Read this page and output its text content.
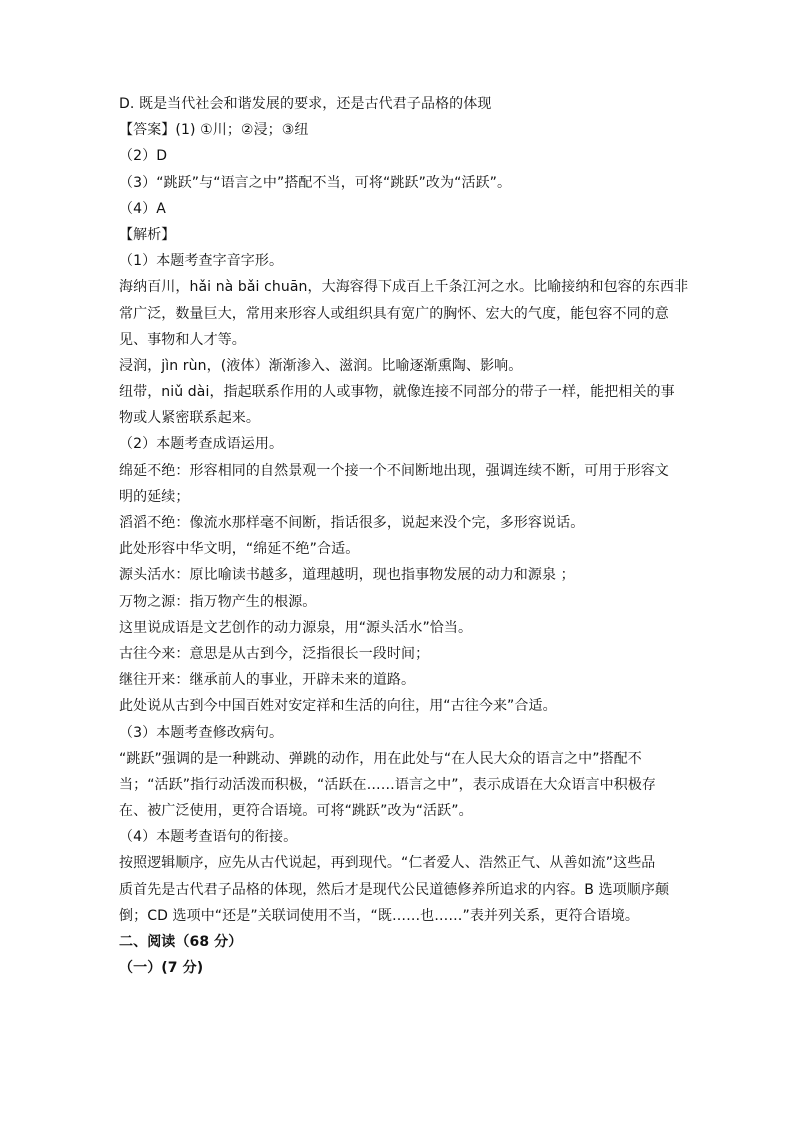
D. 既是当代社会和谐发展的要求，还是古代君子品格的体现
【答案】(1) ①川；②浸；③纽
（2）D
（3）“跳跃”与“语言之中”搭配不当，可将“跳跃”改为“活跃”。
（4）A
【解析】
（1）本题考查字音字形。
海纳百川，hǎi nà bǎi chuān，大海容得下成百上千条江河之水。比喻接纳和包容的东西非
常广泛，数量巨大，常用来形容人或组织具有宽广的胸怀、宏大的气度，能包容不同的意
见、事物和人才等。
浸润，jìn rùn，(液体）渐渐渗入、滋润。比喻逐渐熏陶、影响。
纽带，niǔ dài，指起联系作用的人或事物，就像连接不同部分的带子一样，能把相关的事
物或人紧密联系起来。
（2）本题考查成语运用。
绵延不绝：形容相同的自然景观一个接一个不间断地出现，强调连续不断，可用于形容文
明的延续；
滔滔不绝：像流水那样毫不间断，指话很多，说起来没个完，多形容说话。
此处形容中华文明，“绵延不绝”合适。
源头活水：原比喻读书越多，道理越明，现也指事物发展的动力和源泉 ；
万物之源：指万物产生的根源。
这里说成语是文艺创作的动力源泉，用“源头活水”恰当。
古往今来：意思是从古到今，泛指很长一段时间；
继往开来：继承前人的事业，开辟未来的道路。
此处说从古到今中国百姓对安定祥和生活的向往，用“古往今来”合适。
（3）本题考查修改病句。
“跳跃”强调的是一种跳动、弹跳的动作，用在此处与“在人民大众的语言之中”搭配不
当；“活跃”指行动活泼而积极，“活跃在……语言之中”，表示成语在大众语言中积极存
在、被广泛使用，更符合语境。可将“跳跃”改为“活跃”。
（4）本题考查语句的衔接。
按照逻辑顺序，应先从古代说起，再到现代。“仁者爱人、浩然正气、从善如流”这些品
质首先是古代君子品格的体现，然后才是现代公民道德修养所追求的内容。B 选项顺序颠
倒；CD 选项中“还是”关联词使用不当，“既……也……”表并列关系，更符合语境。
二、阅读（68 分）
（一）(7 分)
